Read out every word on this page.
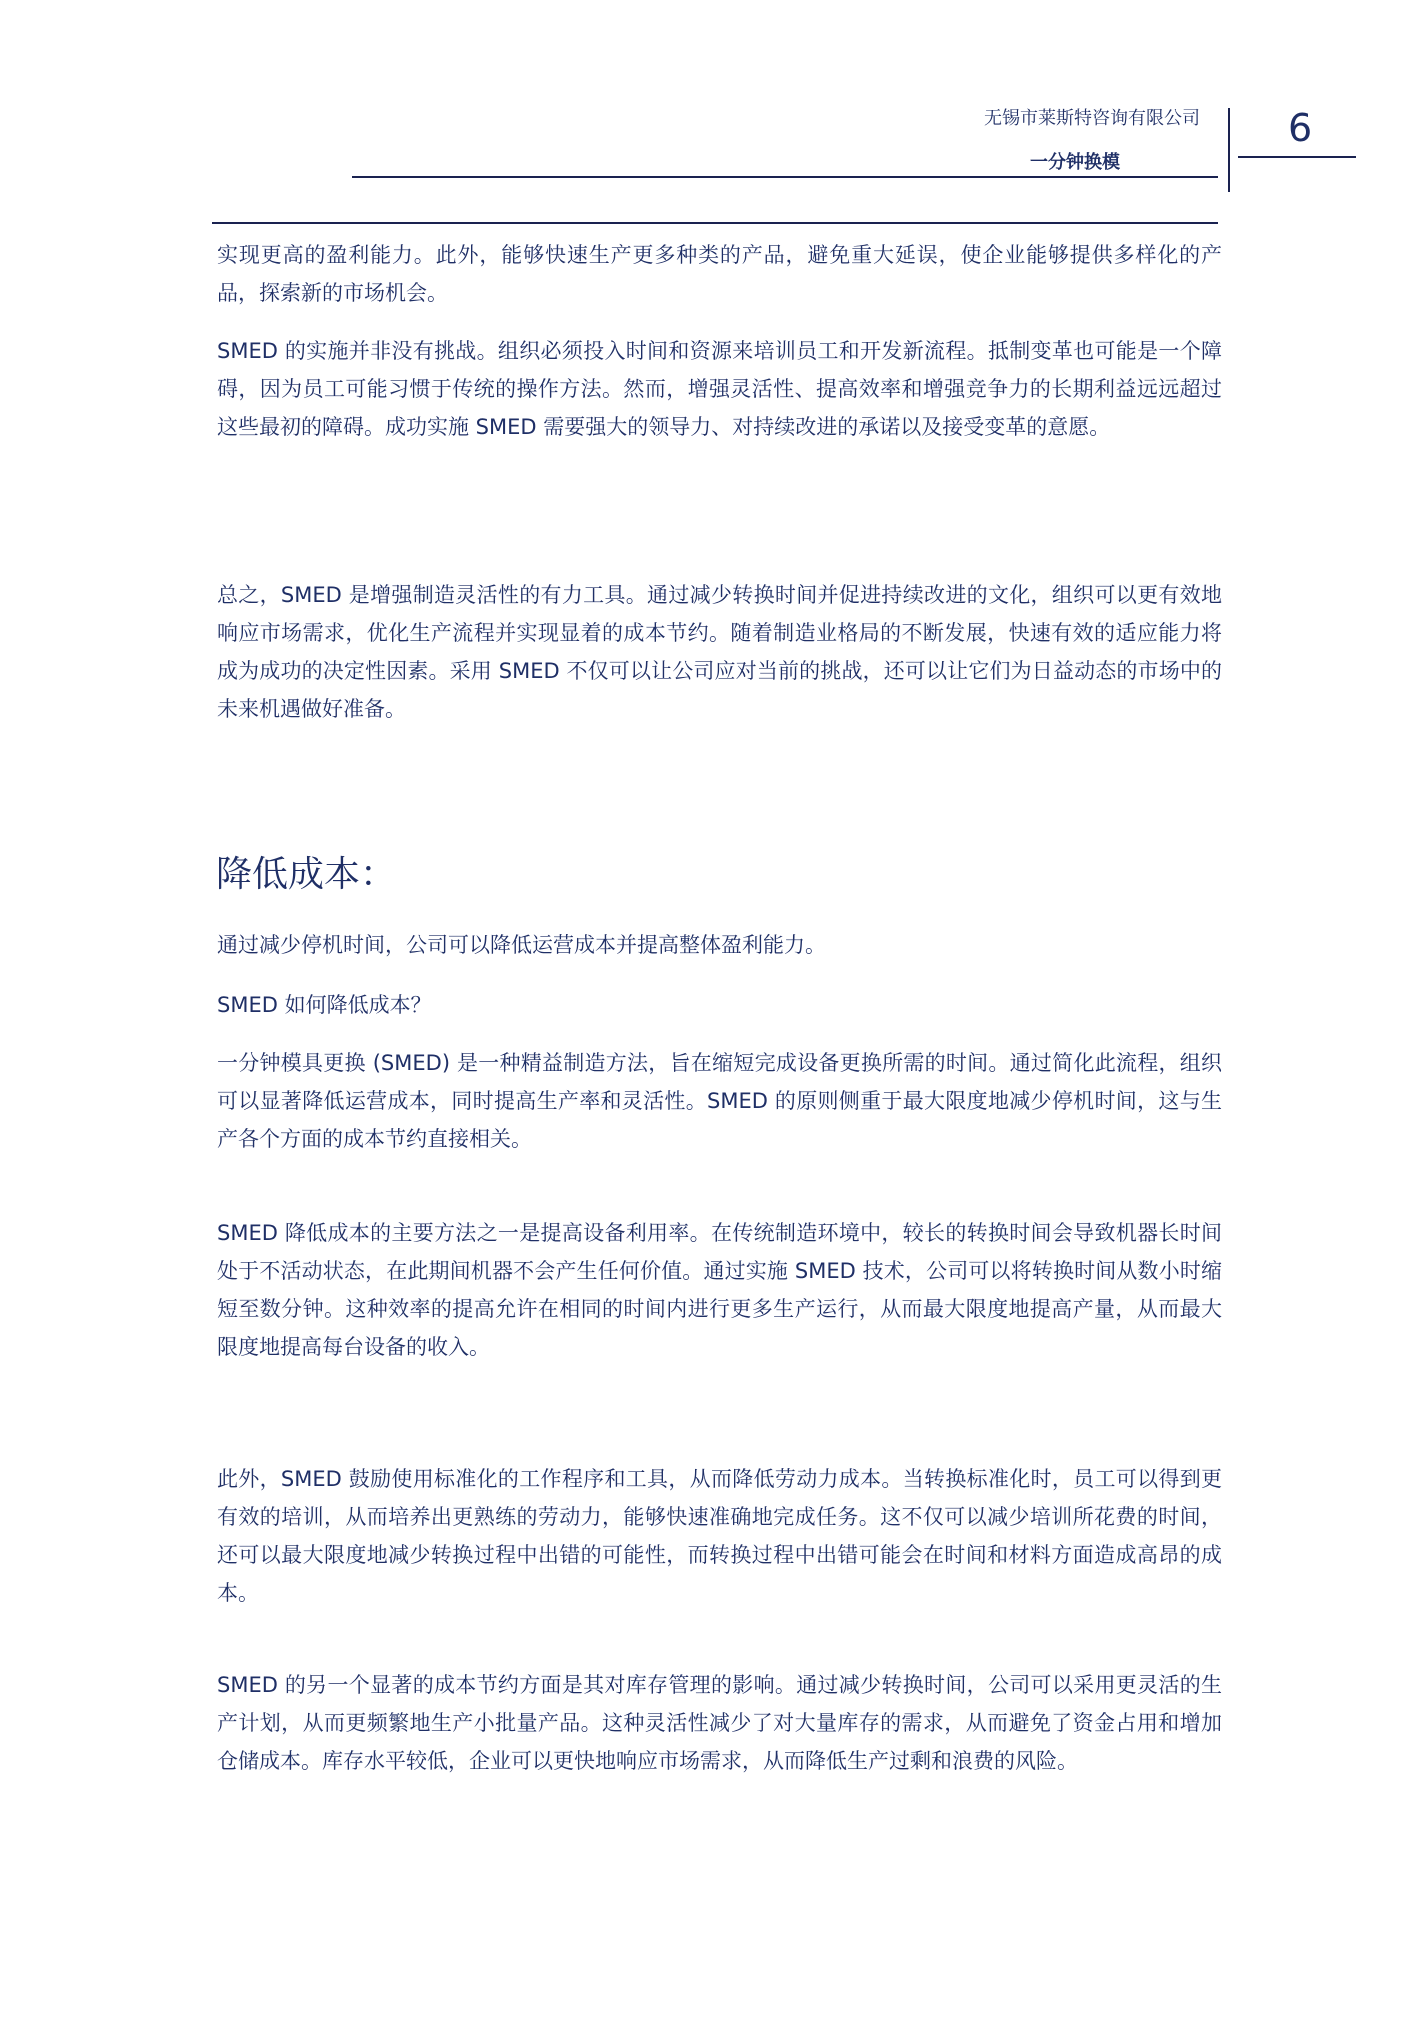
无锡市莱斯特咨询有限公司
一分钟换模
6

实现更高的盈利能力。此外，能够快速生产更多种类的产品，避免重大延误，使企业能够提供多样化的产品，探索新的市场机会。

SMED 的实施并非没有挑战。组织必须投入时间和资源来培训员工和开发新流程。抵制变革也可能是一个障碍，因为员工可能习惯于传统的操作方法。然而，增强灵活性、提高效率和增强竞争力的长期利益远远超过这些最初的障碍。成功实施 SMED 需要强大的领导力、对持续改进的承诺以及接受变革的意愿。

总之，SMED 是增强制造灵活性的有力工具。通过减少转换时间并促进持续改进的文化，组织可以更有效地响应市场需求，优化生产流程并实现显着的成本节约。随着制造业格局的不断发展，快速有效的适应能力将成为成功的决定性因素。采用 SMED 不仅可以让公司应对当前的挑战，还可以让它们为日益动态的市场中的未来机遇做好准备。

降低成本：

通过减少停机时间，公司可以降低运营成本并提高整体盈利能力。

SMED 如何降低成本？

一分钟模具更换 (SMED) 是一种精益制造方法，旨在缩短完成设备更换所需的时间。通过简化此流程，组织可以显著降低运营成本，同时提高生产率和灵活性。SMED 的原则侧重于最大限度地减少停机时间，这与生产各个方面的成本节约直接相关。

SMED 降低成本的主要方法之一是提高设备利用率。在传统制造环境中，较长的转换时间会导致机器长时间处于不活动状态，在此期间机器不会产生任何价值。通过实施 SMED 技术，公司可以将转换时间从数小时缩短至数分钟。这种效率的提高允许在相同的时间内进行更多生产运行，从而最大限度地提高产量，从而最大限度地提高每台设备的收入。

此外，SMED 鼓励使用标准化的工作程序和工具，从而降低劳动力成本。当转换标准化时，员工可以得到更有效的培训，从而培养出更熟练的劳动力，能够快速准确地完成任务。这不仅可以减少培训所花费的时间，还可以最大限度地减少转换过程中出错的可能性，而转换过程中出错可能会在时间和材料方面造成高昂的成本。

SMED 的另一个显著的成本节约方面是其对库存管理的影响。通过减少转换时间，公司可以采用更灵活的生产计划，从而更频繁地生产小批量产品。这种灵活性减少了对大量库存的需求，从而避免了资金占用和增加仓储成本。库存水平较低，企业可以更快地响应市场需求，从而降低生产过剩和浪费的风险。
